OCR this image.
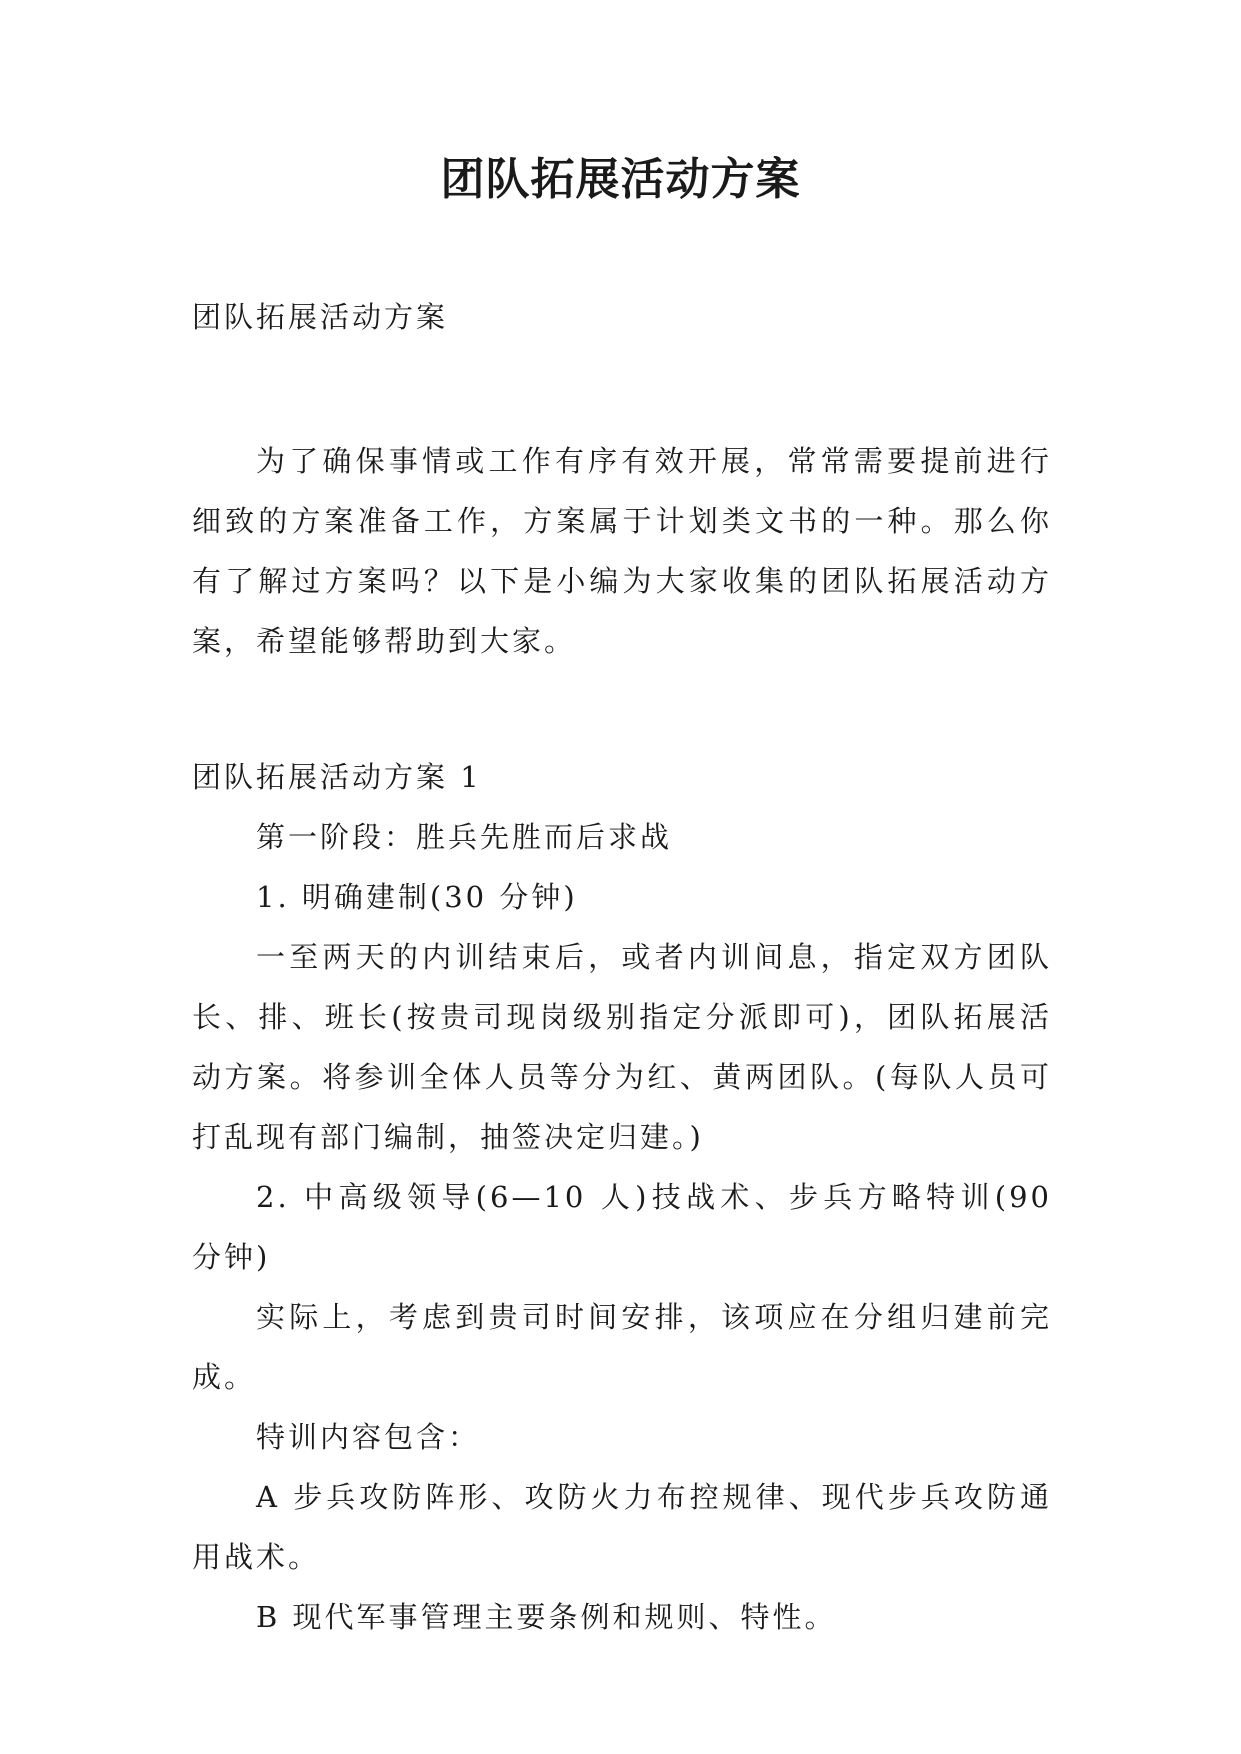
团队拓展活动方案

团队拓展活动方案

为了确保事情或工作有序有效开展，常常需要提前进行细致的方案准备工作，方案属于计划类文书的一种。那么你有了解过方案吗？以下是小编为大家收集的团队拓展活动方案，希望能够帮助到大家。

团队拓展活动方案 1

第一阶段：胜兵先胜而后求战

1. 明确建制(30 分钟)

一至两天的内训结束后，或者内训间息，指定双方团队长、排、班长(按贵司现岗级别指定分派即可)，团队拓展活动方案。将参训全体人员等分为红、黄两团队。(每队人员可打乱现有部门编制，抽签决定归建。)

2. 中高级领导(6—10 人)技战术、步兵方略特训(90 分钟)

实际上，考虑到贵司时间安排，该项应在分组归建前完成。

特训内容包含：

A 步兵攻防阵形、攻防火力布控规律、现代步兵攻防通用战术。

B 现代军事管理主要条例和规则、特性。
